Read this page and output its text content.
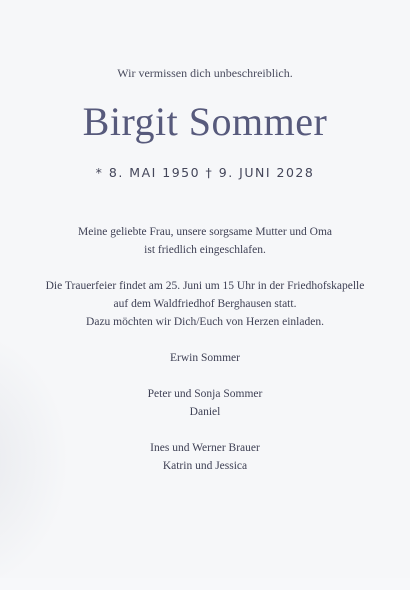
Wir vermissen dich unbeschreiblich.
Birgit Sommer
* 8. MAI 1950 † 9. JUNI 2028
Meine geliebte Frau, unsere sorgsame Mutter und Oma
ist friedlich eingeschlafen.
Die Trauerfeier findet am 25. Juni um 15 Uhr in der Friedhofskapelle
auf dem Waldfriedhof Berghausen statt.
Dazu möchten wir Dich/Euch von Herzen einladen.
Erwin Sommer
Peter und Sonja Sommer
Daniel
Ines und Werner Brauer
Katrin und Jessica
